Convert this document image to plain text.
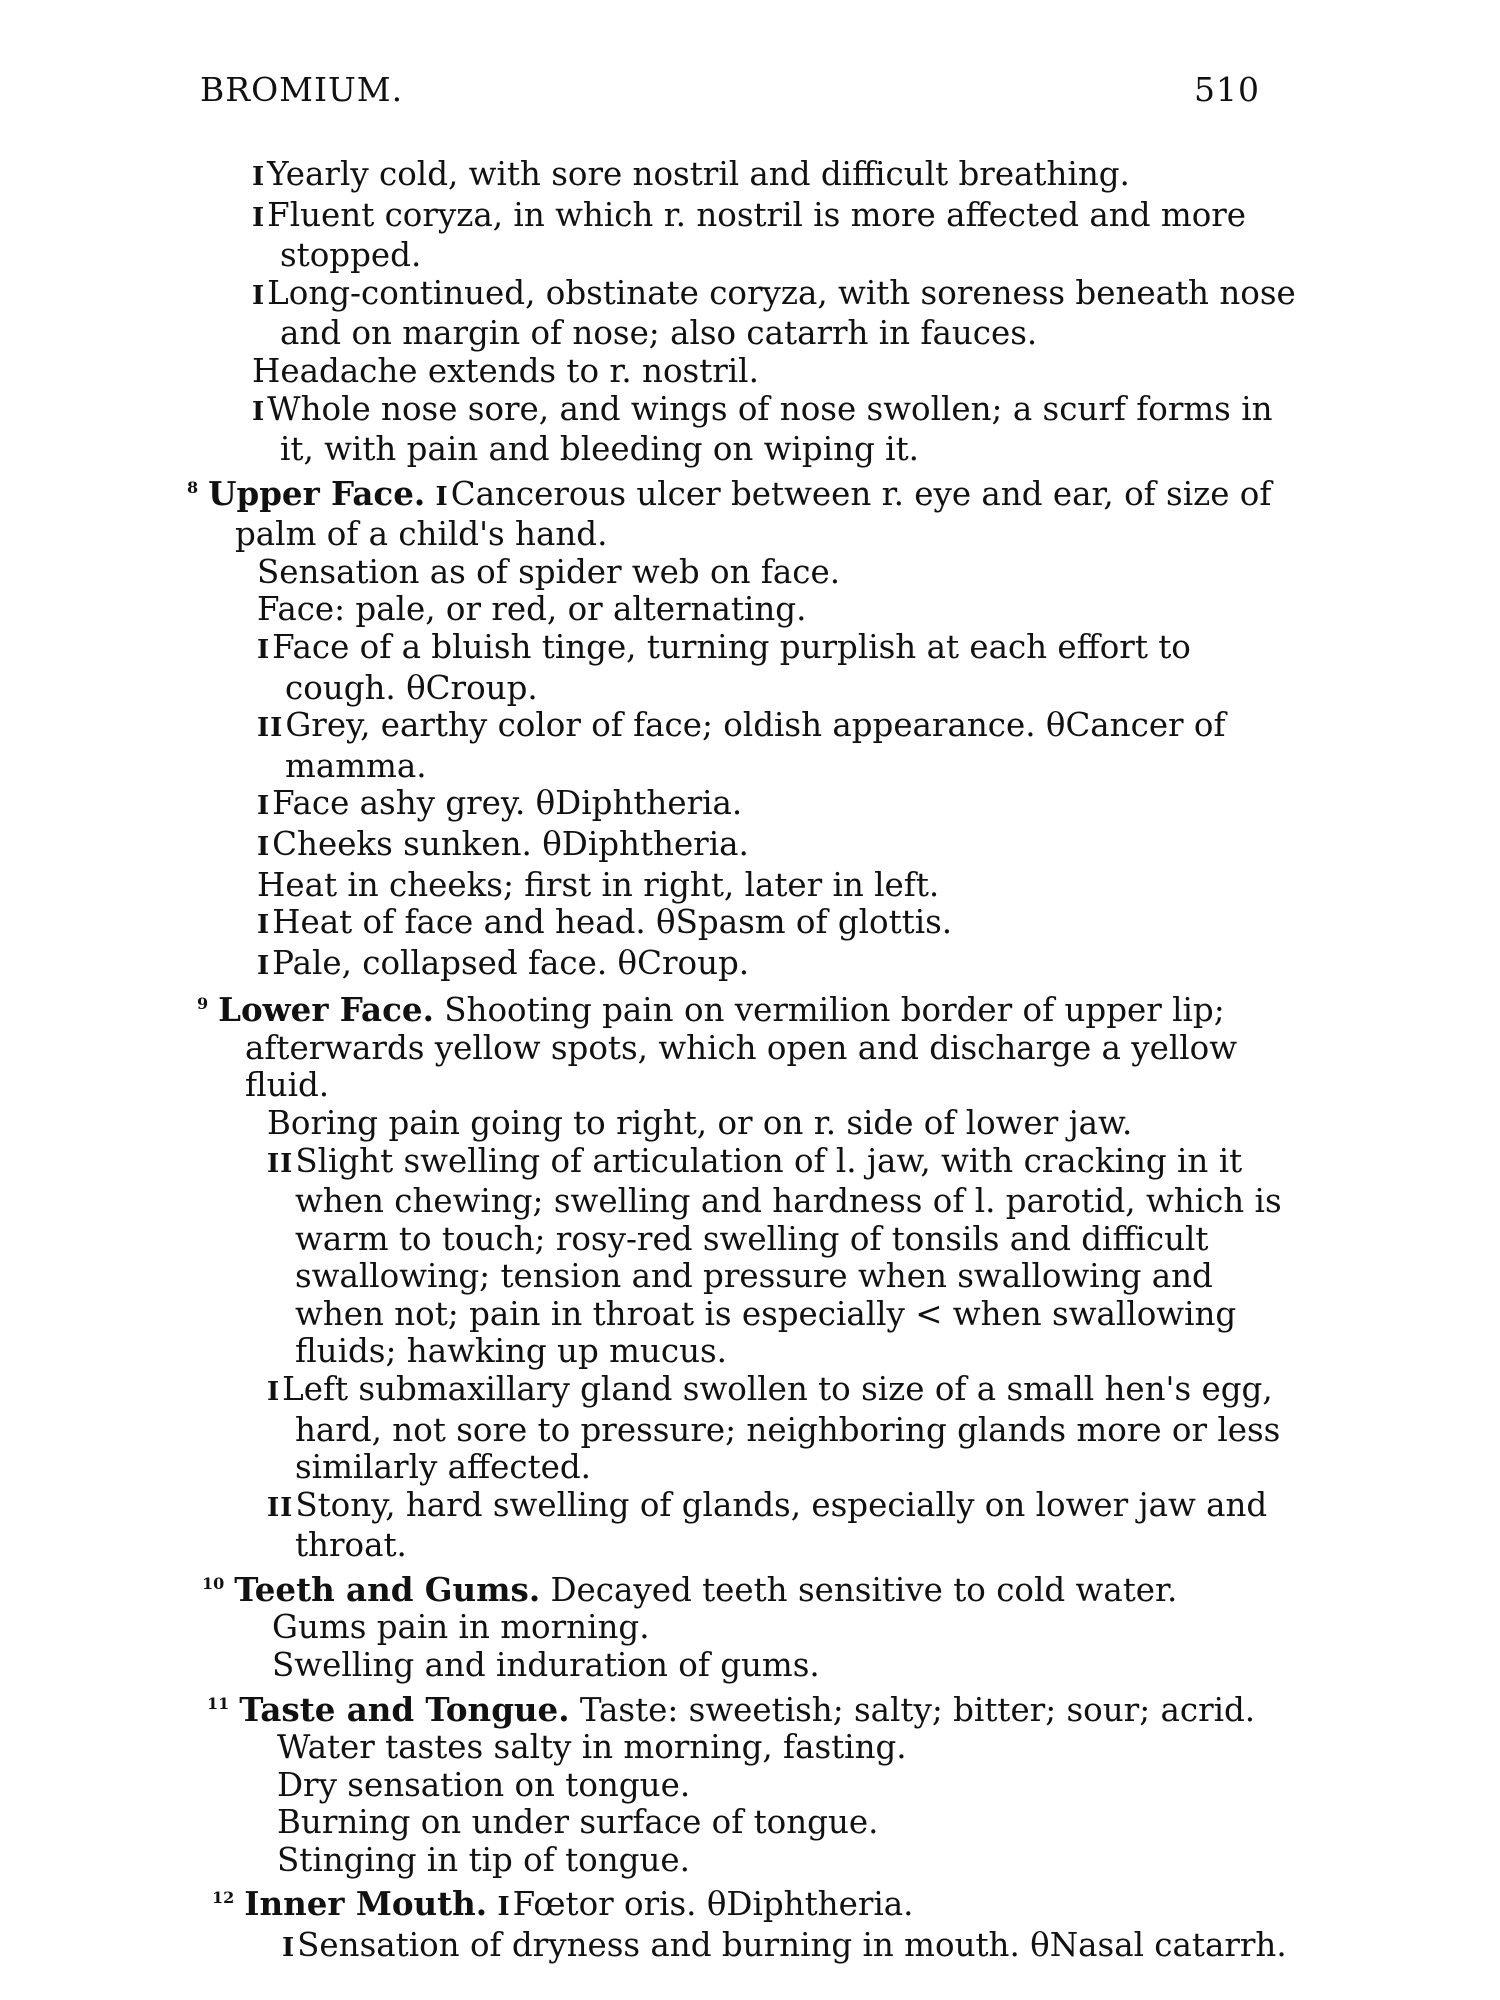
BROMIUM.	510
IYearly cold, with sore nostril and difficult breathing.
IFluent coryza, in which r. nostril is more affected and more stopped.
ILong-continued, obstinate coryza, with soreness beneath nose and on margin of nose; also catarrh in fauces.
Headache extends to r. nostril.
IWhole nose sore, and wings of nose swollen; a scurf forms in it, with pain and bleeding on wiping it.
$^8$ Upper Face. ICancerous ulcer between r. eye and ear, of size of palm of a child's hand.
Sensation as of spider web on face.
Face: pale, or red, or alternating.
IFace of a bluish tinge, turning purplish at each effort to cough. θCroup.
IIGrey, earthy color of face; oldish appearance. θCancer of mamma.
IFace ashy grey. θDiphtheria.
ICheeks sunken. θDiphtheria.
Heat in cheeks; first in right, later in left.
IHeat of face and head. θSpasm of glottis.
IPale, collapsed face. θCroup.
$^9$ Lower Face. Shooting pain on vermilion border of upper lip; afterwards yellow spots, which open and discharge a yellow fluid.
Boring pain going to right, or on r. side of lower jaw.
IISlight swelling of articulation of l. jaw, with cracking in it when chewing; swelling and hardness of l. parotid, which is warm to touch; rosy-red swelling of tonsils and difficult swallowing; tension and pressure when swallowing and when not; pain in throat is especially < when swallowing fluids; hawking up mucus.
ILeft submaxillary gland swollen to size of a small hen's egg, hard, not sore to pressure; neighboring glands more or less similarly affected.
IIStony, hard swelling of glands, especially on lower jaw and throat.
$^{10}$ Teeth and Gums. Decayed teeth sensitive to cold water.
Gums pain in morning.
Swelling and induration of gums.
$^{11}$ Taste and Tongue. Taste: sweetish; salty; bitter; sour; acrid.
Water tastes salty in morning, fasting.
Dry sensation on tongue.
Burning on under surface of tongue.
Stinging in tip of tongue.
$^{12}$ Inner Mouth. IFœtor oris. θDiphtheria.
ISensation of dryness and burning in mouth. θNasal catarrh.
